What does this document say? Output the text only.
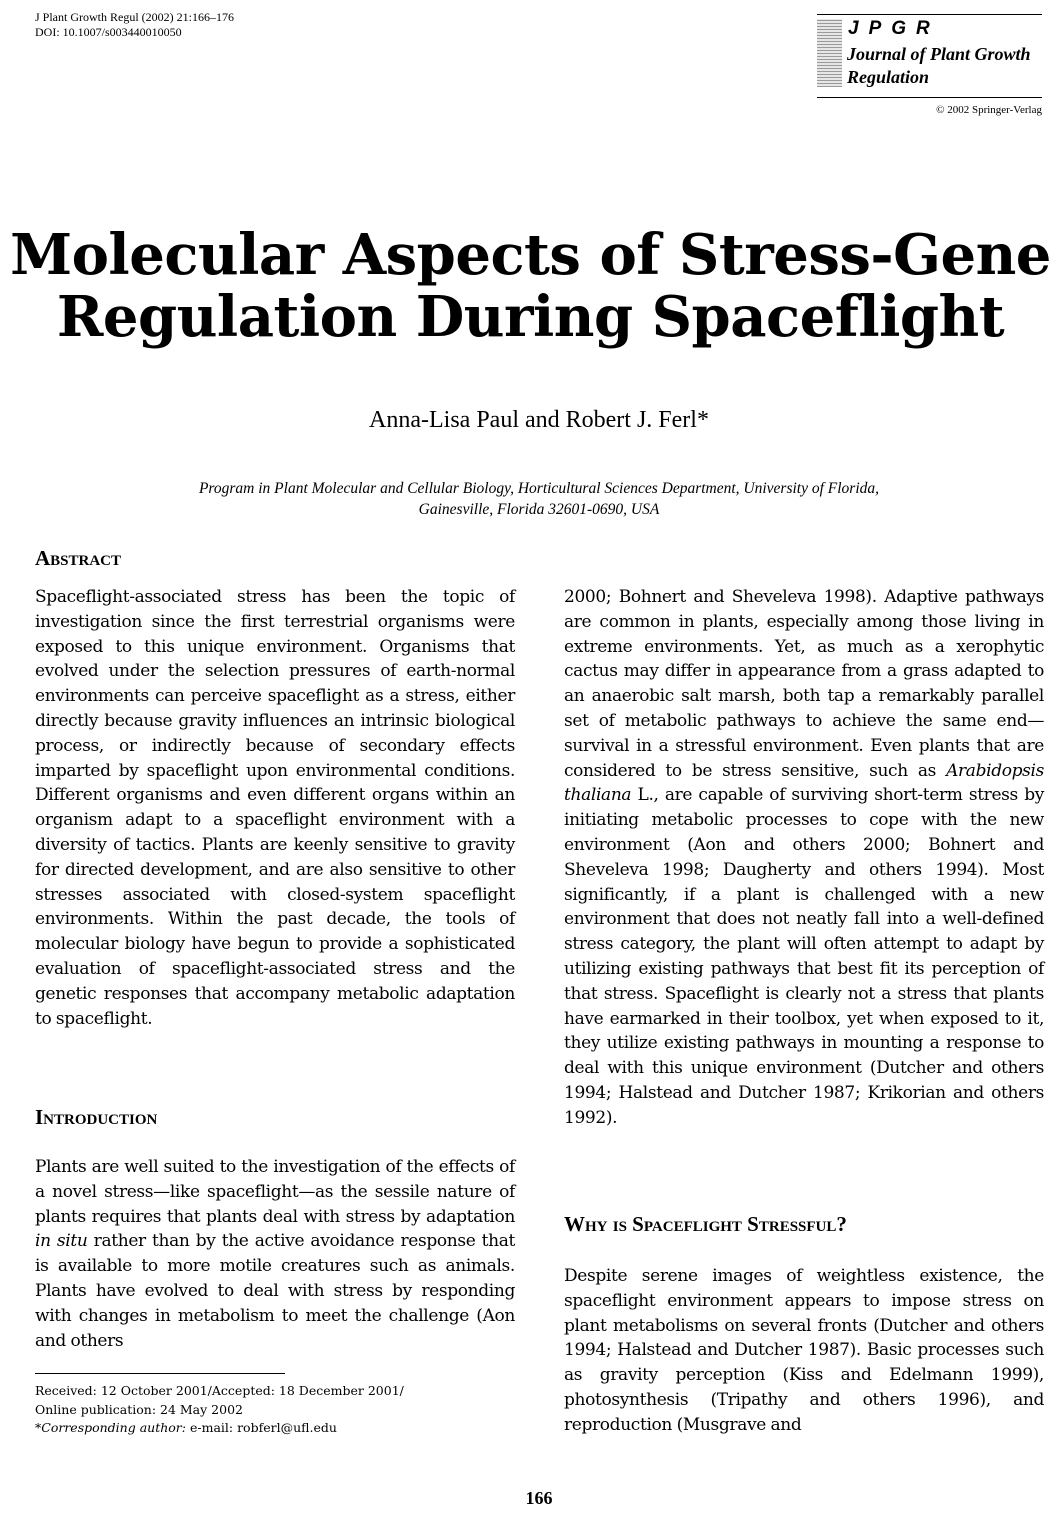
J Plant Growth Regul (2002) 21:166–176
DOI: 10.1007/s003440010050	JPGR
Journal of Plant Growth
Regulation
© 2002 Springer-Verlag
Molecular Aspects of Stress-Gene
Regulation During Spaceflight
Anna-Lisa Paul and Robert J. Ferl*
Program in Plant Molecular and Cellular Biology, Horticultural Sciences Department, University of Florida,
Gainesville, Florida 32601-0690, USA
Abstract
Spaceflight-associated stress has been the topic of investigation since the first terrestrial organisms were exposed to this unique environment. Organisms that evolved under the selection pressures of earth-normal environments can perceive spaceflight as a stress, either directly because gravity influences an intrinsic biological process, or indirectly because of secondary effects imparted by spaceflight upon environmental conditions. Different organisms and even different organs within an organism adapt to a spaceflight environment with a diversity of tactics. Plants are keenly sensitive to gravity for directed development, and are also sensitive to other stresses associated with closed-system spaceflight environments. Within the past decade, the tools of molecular biology have begun to provide a sophisticated evaluation of spaceflight-associated stress and the genetic responses that accompany metabolic adaptation to spaceflight.
Introduction
Plants are well suited to the investigation of the effects of a novel stress—like spaceflight—as the sessile nature of plants requires that plants deal with stress by adaptation in situ rather than by the active avoidance response that is available to more motile creatures such as animals. Plants have evolved to deal with stress by responding with changes in metabolism to meet the challenge (Aon and others
2000; Bohnert and Sheveleva 1998). Adaptive pathways are common in plants, especially among those living in extreme environments. Yet, as much as a xerophytic cactus may differ in appearance from a grass adapted to an anaerobic salt marsh, both tap a remarkably parallel set of metabolic pathways to achieve the same end—survival in a stressful environment. Even plants that are considered to be stress sensitive, such as Arabidopsis thaliana L., are capable of surviving short-term stress by initiating metabolic processes to cope with the new environment (Aon and others 2000; Bohnert and Sheveleva 1998; Daugherty and others 1994). Most significantly, if a plant is challenged with a new environment that does not neatly fall into a well-defined stress category, the plant will often attempt to adapt by utilizing existing pathways that best fit its perception of that stress. Spaceflight is clearly not a stress that plants have earmarked in their toolbox, yet when exposed to it, they utilize existing pathways in mounting a response to deal with this unique environment (Dutcher and others 1994; Halstead and Dutcher 1987; Krikorian and others 1992).
Why is Spaceflight Stressful?
Despite serene images of weightless existence, the spaceflight environment appears to impose stress on plant metabolisms on several fronts (Dutcher and others 1994; Halstead and Dutcher 1987). Basic processes such as gravity perception (Kiss and Edelmann 1999), photosynthesis (Tripathy and others 1996), and reproduction (Musgrave and
Received: 12 October 2001/Accepted: 18 December 2001/
Online publication: 24 May 2002
*Corresponding author: e-mail: robferl@ufl.edu
166
